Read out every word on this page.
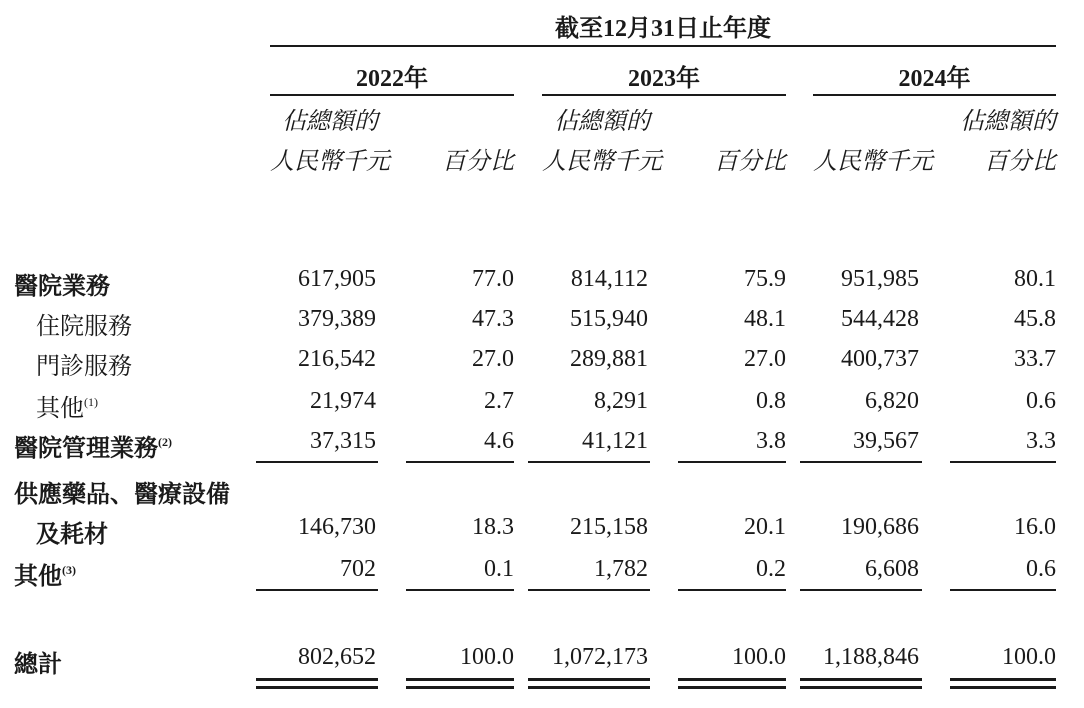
截至12月31日止年度
2022年	2023年	2024年
佔總額的	佔總額的	佔總額的
人民幣千元 百分比 人民幣千元 百分比 人民幣千元 百分比
醫院業務	617,905	77.0 814,112	75.9 951,985	80.1
住院服務	379,389	47.3 515,940	48.1 544,428	45.8
門診服務	216,542	27.0 289,881	27.0 400,737	33.7
其他$^{(1)}$	21,974	2.7	8,291	0.8	6,820	0.6
醫院管理業務$^{(2)}$	37,315	4.6	41,121	3.8	39,567	3.3
供應藥品、醫療設備
及耗材	146,730	18.3 215,158	20.1 190,686	16.0
其他$^{(3)}$	702	0.1	1,782	0.2	6,608	0.6
總計	802,652	100.0 1,072,173	100.0 1,188,846	100.0
